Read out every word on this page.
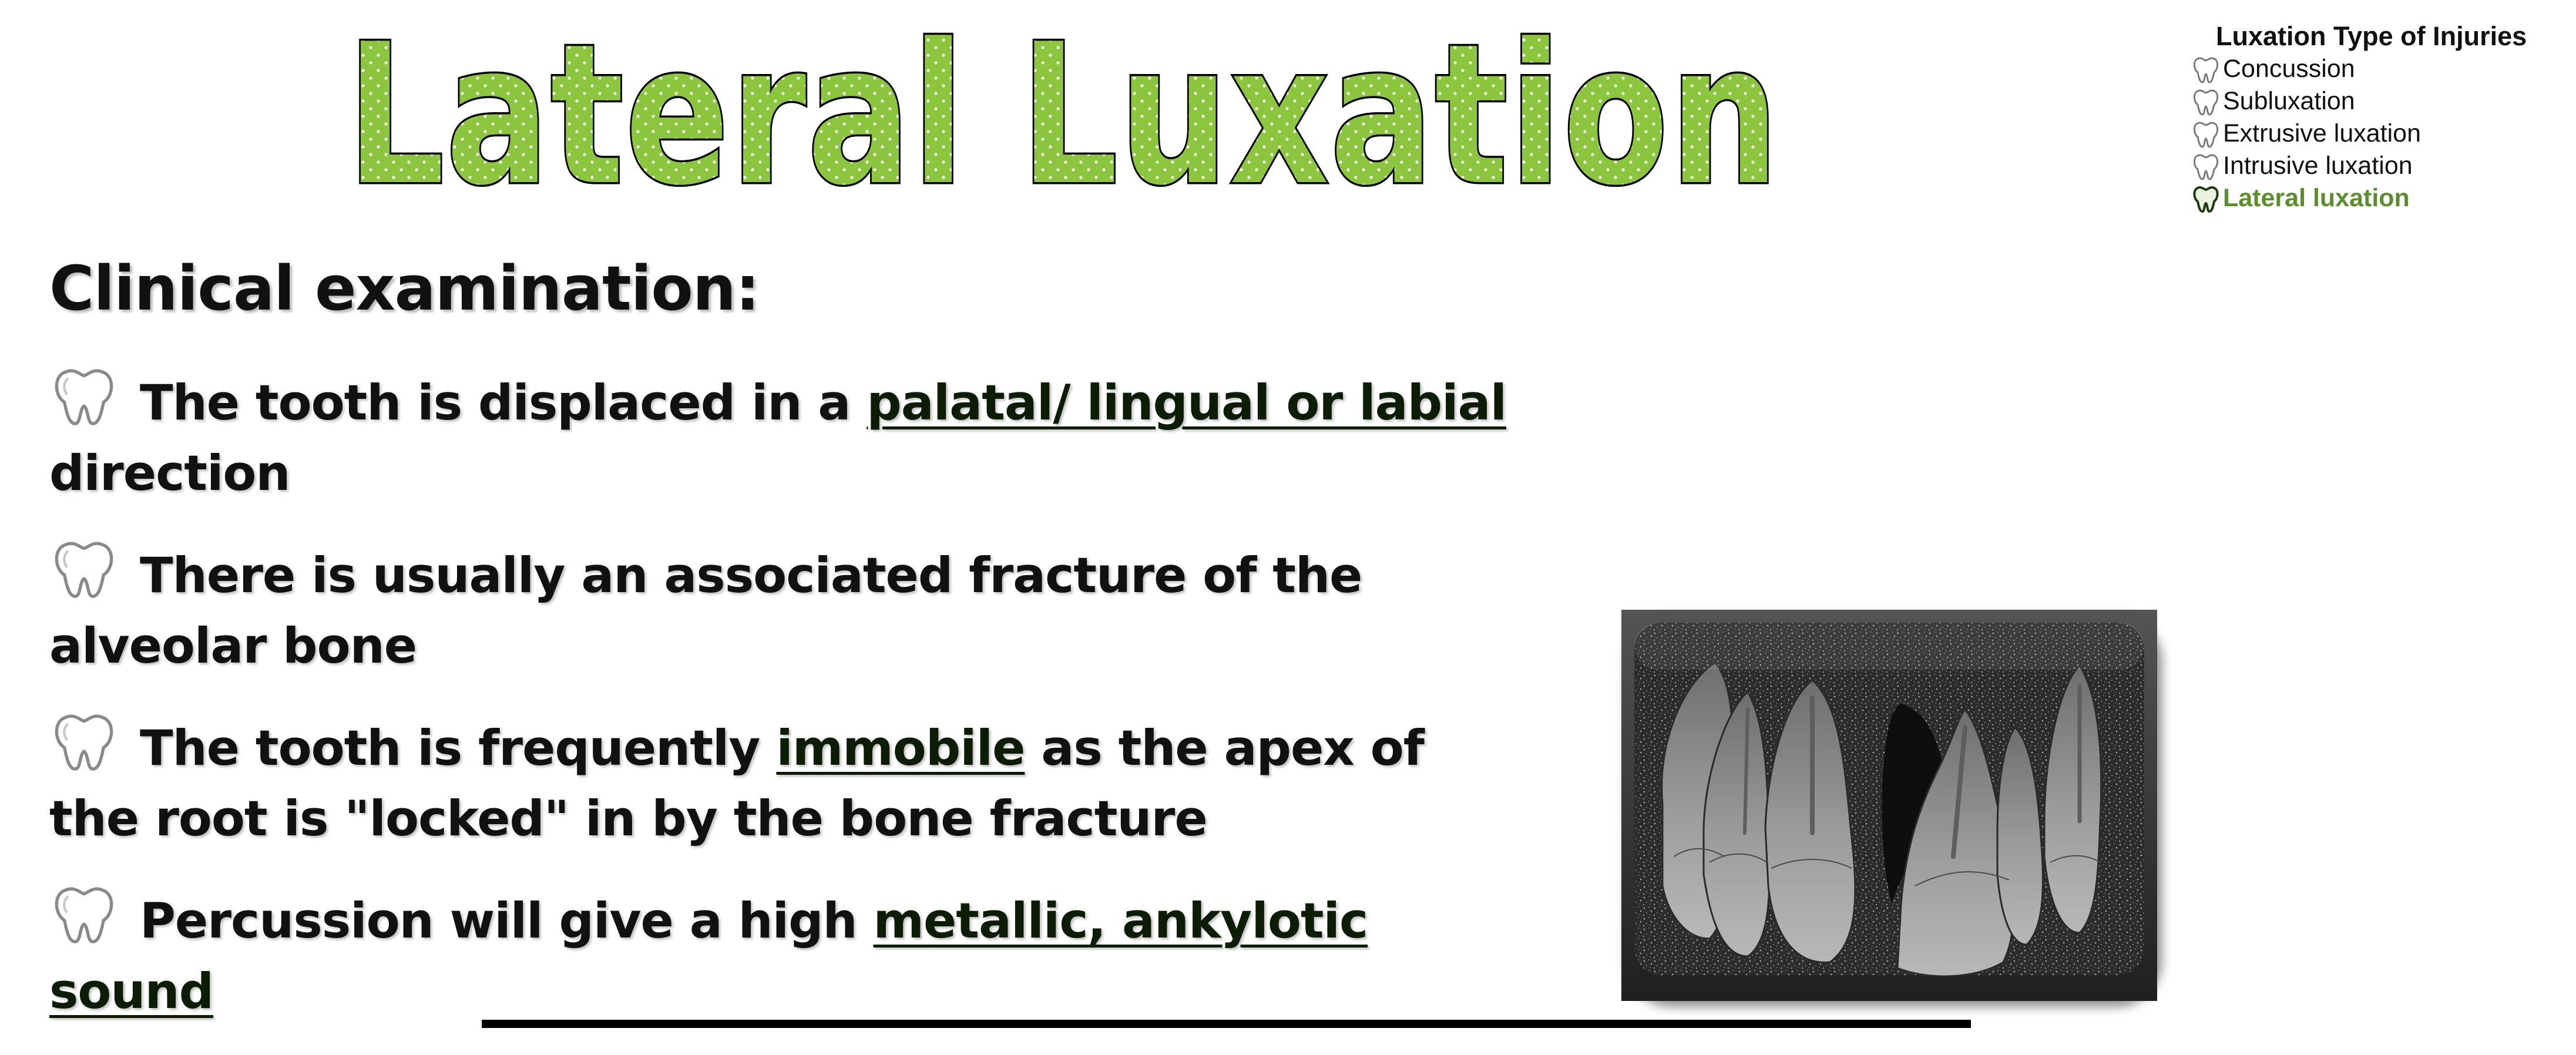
Lateral Luxation	Luxation Type of Injuries
Concussion
Subluxation
Extrusive luxation
Intrusive luxation
Lateral luxation
Clinical examination:
The tooth is displaced in a palatal/ lingual or labial direction
There is usually an associated fracture of the alveolar bone
The tooth is frequently immobile as the apex of the root is "locked" in by the bone fracture
Percussion will give a high metallic, ankylotic sound
